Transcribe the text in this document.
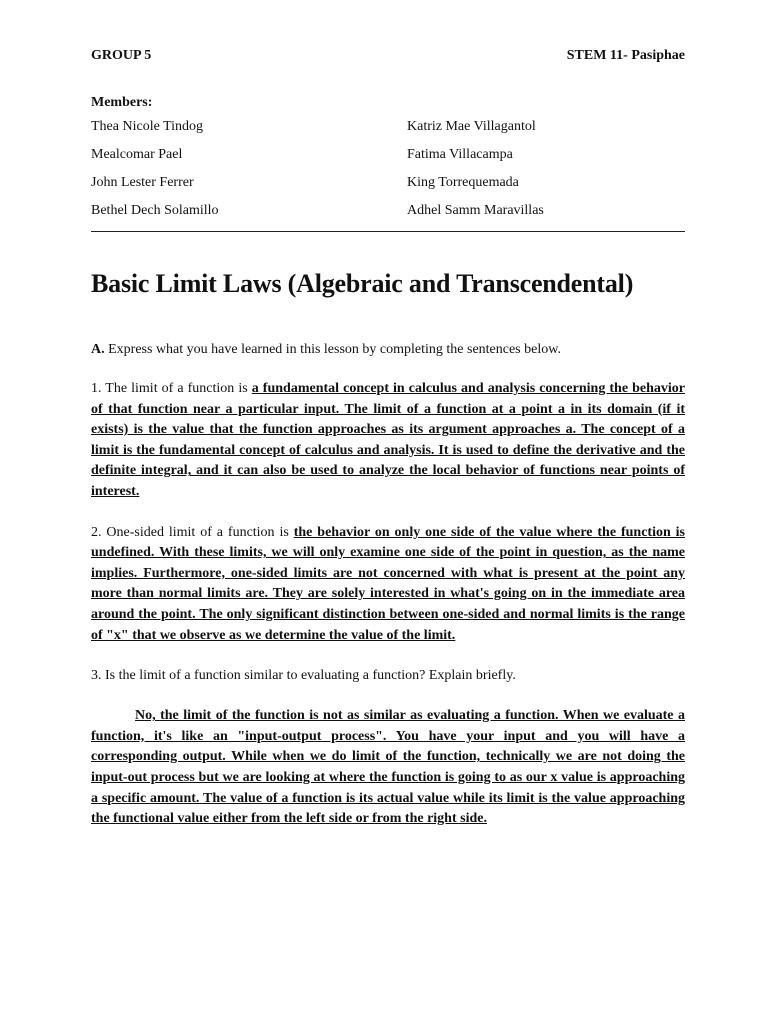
GROUP 5	STEM 11- Pasiphae
Members:
Thea Nicole Tindog	Katriz Mae Villagantol
Mealcomar Pael	Fatima Villacampa
John Lester Ferrer	King Torrequemada
Bethel Dech Solamillo	Adhel Samm Maravillas
Basic Limit Laws (Algebraic and Transcendental)
A. Express what you have learned in this lesson by completing the sentences below.

1. The limit of a function is a fundamental concept in calculus and analysis concerning the behavior of that function near a particular input. The limit of a function at a point a in its domain (if it exists) is the value that the function approaches as its argument approaches a. The concept of a limit is the fundamental concept of calculus and analysis. It is used to define the derivative and the definite integral, and it can also be used to analyze the local behavior of functions near points of interest.

2. One-sided limit of a function is the behavior on only one side of the value where the function is undefined. With these limits, we will only examine one side of the point in question, as the name implies. Furthermore, one-sided limits are not concerned with what is present at the point any more than normal limits are. They are solely interested in what's going on in the immediate area around the point. The only significant distinction between one-sided and normal limits is the range of "x" that we observe as we determine the value of the limit.

3. Is the limit of a function similar to evaluating a function? Explain briefly.

No, the limit of the function is not as similar as evaluating a function. When we evaluate a function, it's like an "input-output process". You have your input and you will have a corresponding output. While when we do limit of the function, technically we are not doing the input-out process but we are looking at where the function is going to as our x value is approaching a specific amount. The value of a function is its actual value while its limit is the value approaching the functional value either from the left side or from the right side.
